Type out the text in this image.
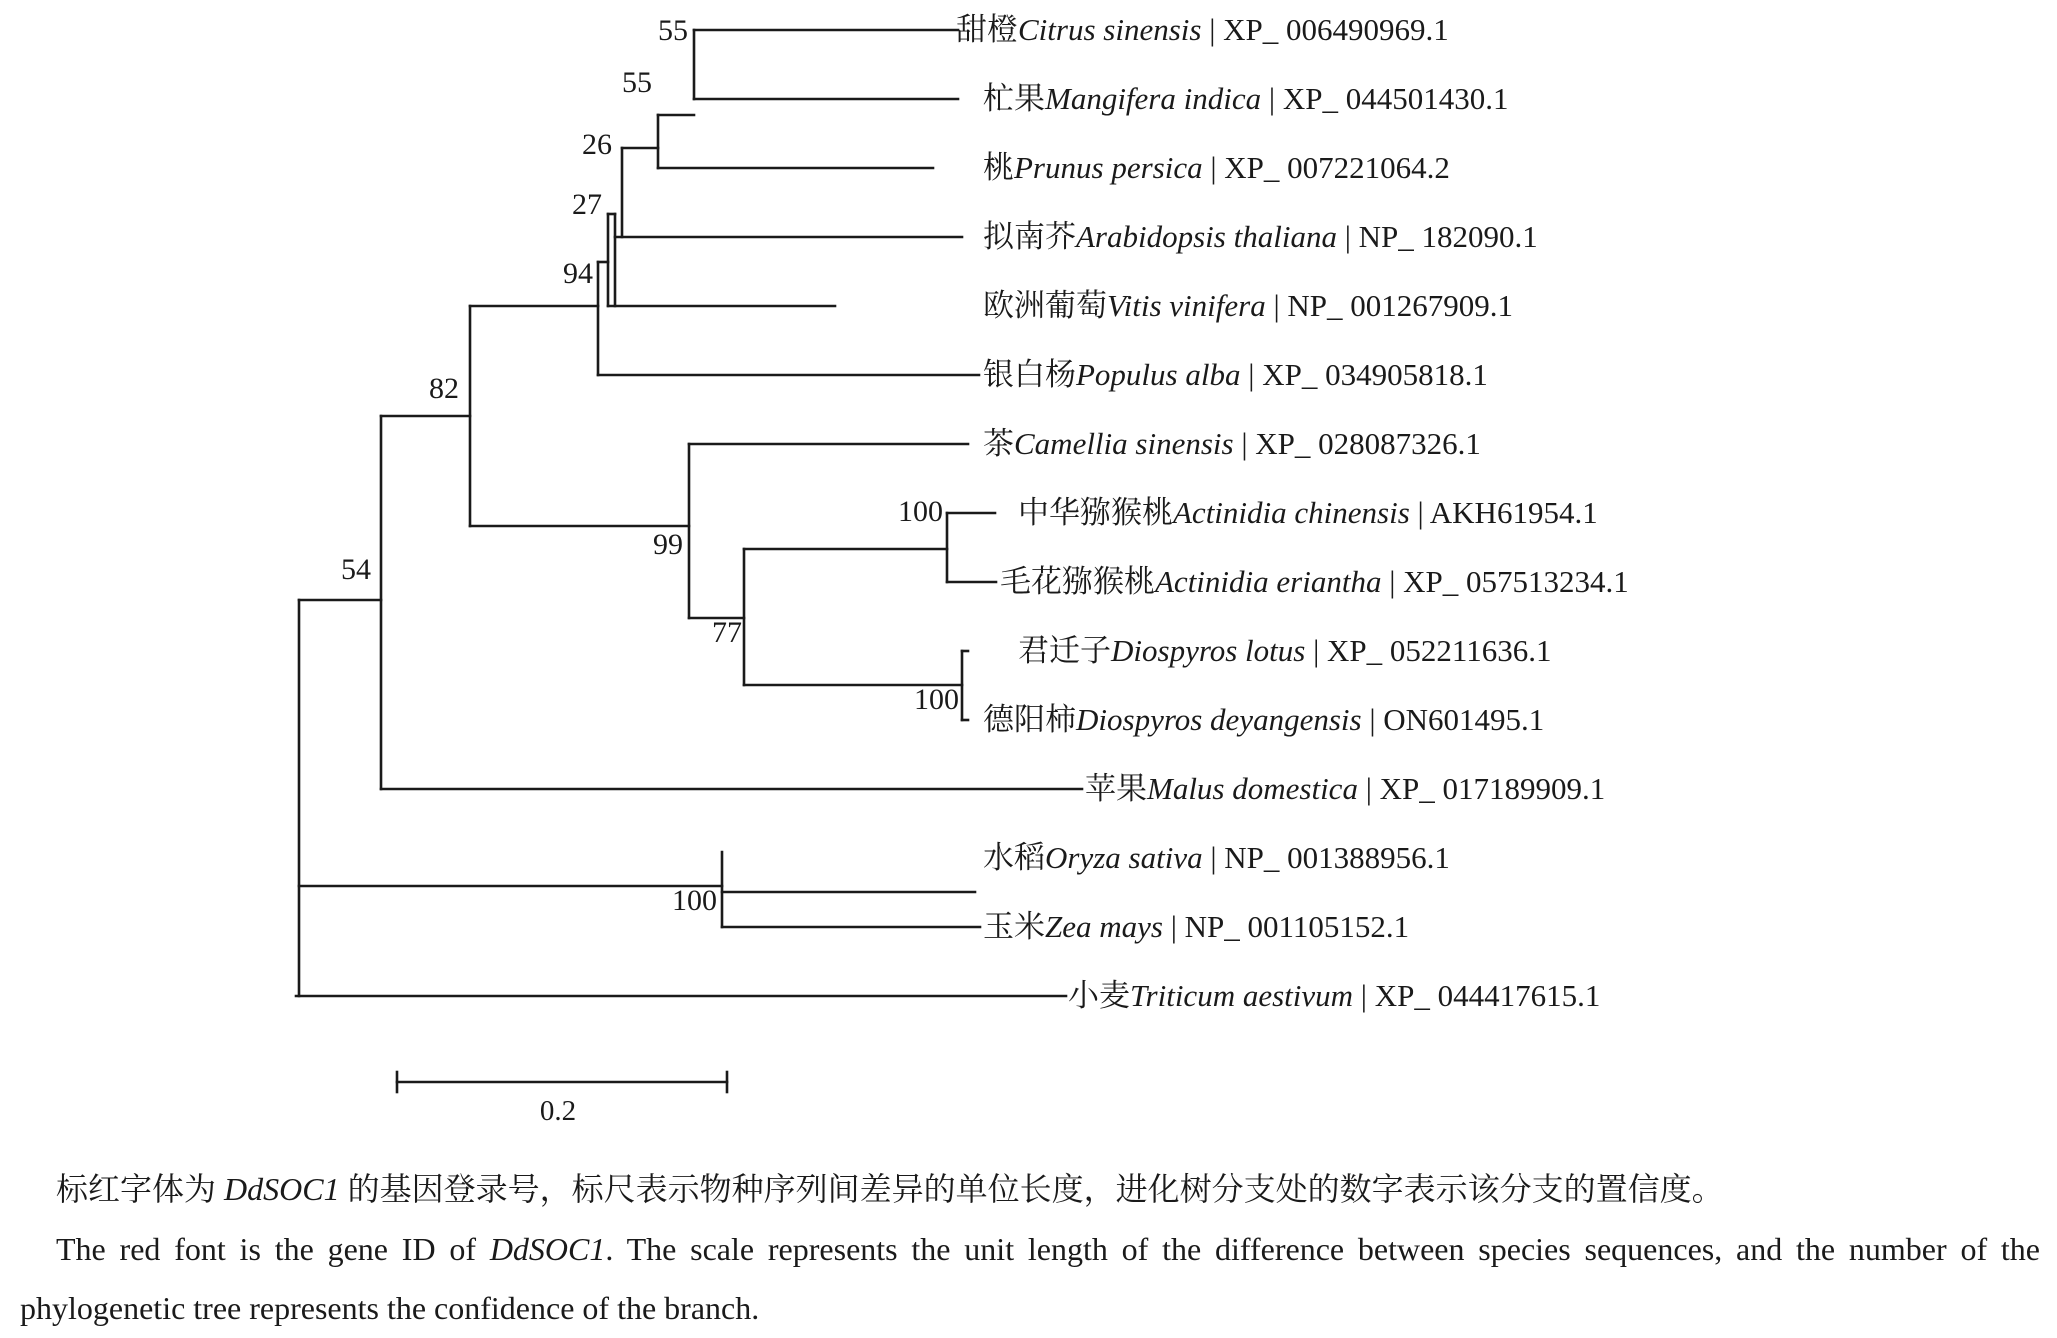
55
55
26
27
94
82
54
100
99
77
100
100
甜橙Citrus sinensis | XP_ 006490969.1
杧果Mangifera indica | XP_ 044501430.1
桃Prunus persica | XP_ 007221064.2
拟南芥Arabidopsis thaliana | NP_ 182090.1
欧洲葡萄Vitis vinifera | NP_ 001267909.1
银白杨Populus alba | XP_ 034905818.1
茶Camellia sinensis | XP_ 028087326.1
中华猕猴桃Actinidia chinensis | AKH61954.1
毛花猕猴桃Actinidia eriantha | XP_ 057513234.1
君迁子Diospyros lotus | XP_ 052211636.1
德阳柿Diospyros deyangensis | ON601495.1
苹果Malus domestica | XP_ 017189909.1
水稻Oryza sativa | NP_ 001388956.1
玉米Zea mays | NP_ 001105152.1
小麦Triticum aestivum | XP_ 044417615.1
0.2
标红字体为 DdSOC1 的基因登录号，标尺表示物种序列间差异的单位长度，进化树分支处的数字表示该分支的置信度。
The red font is the gene ID of DdSOC1. The scale represents the unit length of the difference between species sequences, and the number of the phylogenetic tree represents the confidence of the branch.
